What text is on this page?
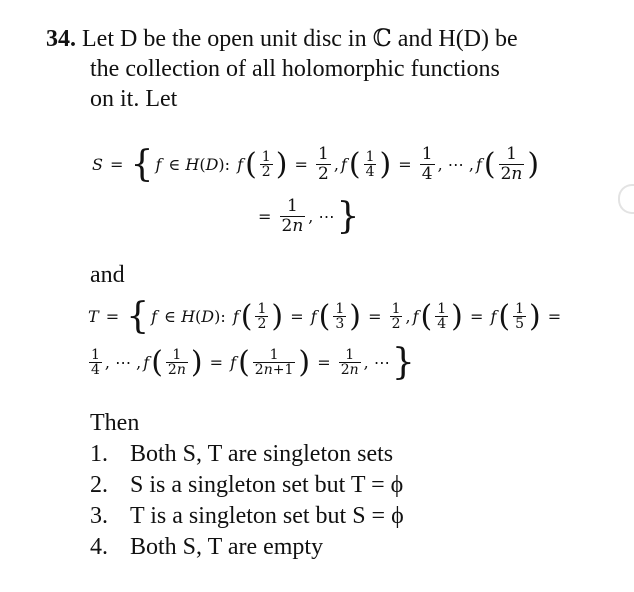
34. Let D be the open unit disc in ℂ and H(D) be
the collection of all holomorphic functions
on it. Let
S = { f ∈ H(D): f ( $\frac{1}{2}$ ) = $\frac{1}{2}$ , f ( $\frac{1}{4}$ ) = $\frac{1}{4}$ , ⋯ , f ( $\frac{1}{2n}$ )
= $\frac{1}{2n}$ , ⋯ }
and
T = { f ∈ H(D): f ( $\frac{1}{2}$ ) = f ( $\frac{1}{3}$ ) = $\frac{1}{2}$ , f ( $\frac{1}{4}$ ) = f ( $\frac{1}{5}$ ) =
$\frac{1}{4}$ , ⋯ , f ( $\frac{1}{2n}$ ) = f ( $\frac{1}{2n+1}$ ) = $\frac{1}{2n}$ , ⋯ }
Then
1. Both S, T are singleton sets
2. S is a singleton set but T = ϕ
3. T is a singleton set but S = ϕ
4. Both S, T are empty
